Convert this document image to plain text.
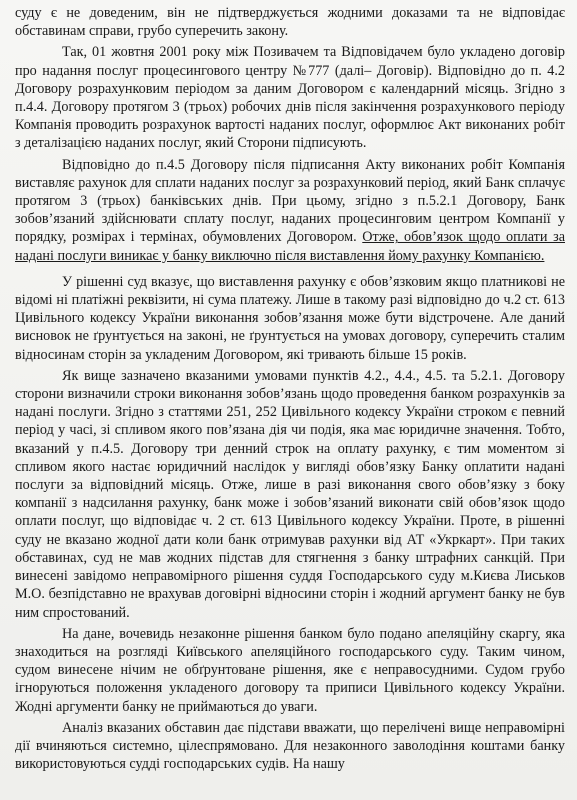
суду є не доведеним, він не підтверджується жодними доказами та не відповідає обставинам справи, грубо суперечить закону.

Так, 01 жовтня 2001 року між Позивачем та Відповідачем було укладено договір про надання послуг процесингового центру №777 (далі– Договір). Відповідно до п. 4.2 Договору розрахунковим періодом за даним Договором є календарний місяць. Згідно з п.4.4. Договору протягом 3 (трьох) робочих днів після закінчення розрахункового періоду Компанія проводить розрахунок вартості наданих послуг, оформлює Акт виконаних робіт з деталізацією наданих послуг, який Сторони підписують.

Відповідно до п.4.5 Договору після підписання Актy виконаних робіт Компанія виставляє рахунок для сплати наданих послуг за розрахунковий період, який Банк сплачує протягом 3 (трьох) банківських днів. При цьому, згідно з п.5.2.1 Договору, Банк зобов’язаний здійснювати сплату послуг, наданих процесинговим центром Компанії у порядку, розмірах і термінах, обумовлених Договором. Отже, обов’язок щодо оплати за надані послуги виникає у банку виключно після виставлення йому рахунку Компанією.

У рішенні суд вказує, що виставлення рахунку є обов’язковим якщо платникові не відомі ні платіжні реквізити, ні сума платежу. Лише в такому разі відповідно до ч.2 ст. 613 Цивільного кодексу України виконання зобов’язання може бути відстрочене. Але даний висновок не ґрунтується на законі, не ґрунтується на умовах договору, суперечить сталим відносинам сторін за укладеним Договором, які тривають більше 15 років.

Як вище зазначено вказаними умовами пунктів 4.2., 4.4., 4.5. та 5.2.1. Договору сторони визначили строки виконання зобов’язань щодо проведення банком розрахунків за надані послуги. Згідно з статтями 251, 252 Цивільного кодексу України строком є певний період у часі, зі спливом якого пов’язана дія чи подія, яка має юридичне значення. Тобто, вказаний у п.4.5. Договору три денний строк на оплату рахунку, є тим моментом зі спливом якого настає юридичний наслідок у вигляді обов’язку Банку оплатити надані послуги за відповідний місяць. Отже, лише в разі виконання свого обов’язку з боку компанії з надсилання рахунку, банк може і зобов’язаний виконати свій обов’язок щодо оплати послуг, що відповідає ч. 2 ст. 613 Цивільного кодексу України. Проте, в рішенні суду не вказано жодної дати коли банк отримував рахунки від АТ «Укркарт». При таких обставинах, суд не мав жодних підстав для стягнення з банку штрафних санкцій. При винесені завідомо неправомірного рішення суддя Господарського суду м.Києва Лиськов М.О. безпідставно не врахував договірні відносини сторін і жодний аргумент банку не був ним спростований.

На дане, вочевидь незаконне рішення банком було подано апеляційну скаргу, яка знаходиться на розгляді Київського апеляційного господарського суду. Таким чином, судом винесене нічим не обґрунтоване рішення, яке є неправосудними. Судом грубо ігноруються положення укладеного договору та приписи Цивільного кодексу України. Жодні аргументи банку не приймаються до уваги.

Аналіз вказаних обставин дає підстави вважати, що перелічені вище неправомірні дії вчиняються системно, цілеспрямовано. Для незаконного заволодіння коштами банку використовуються судді господарських судів. На нашу
